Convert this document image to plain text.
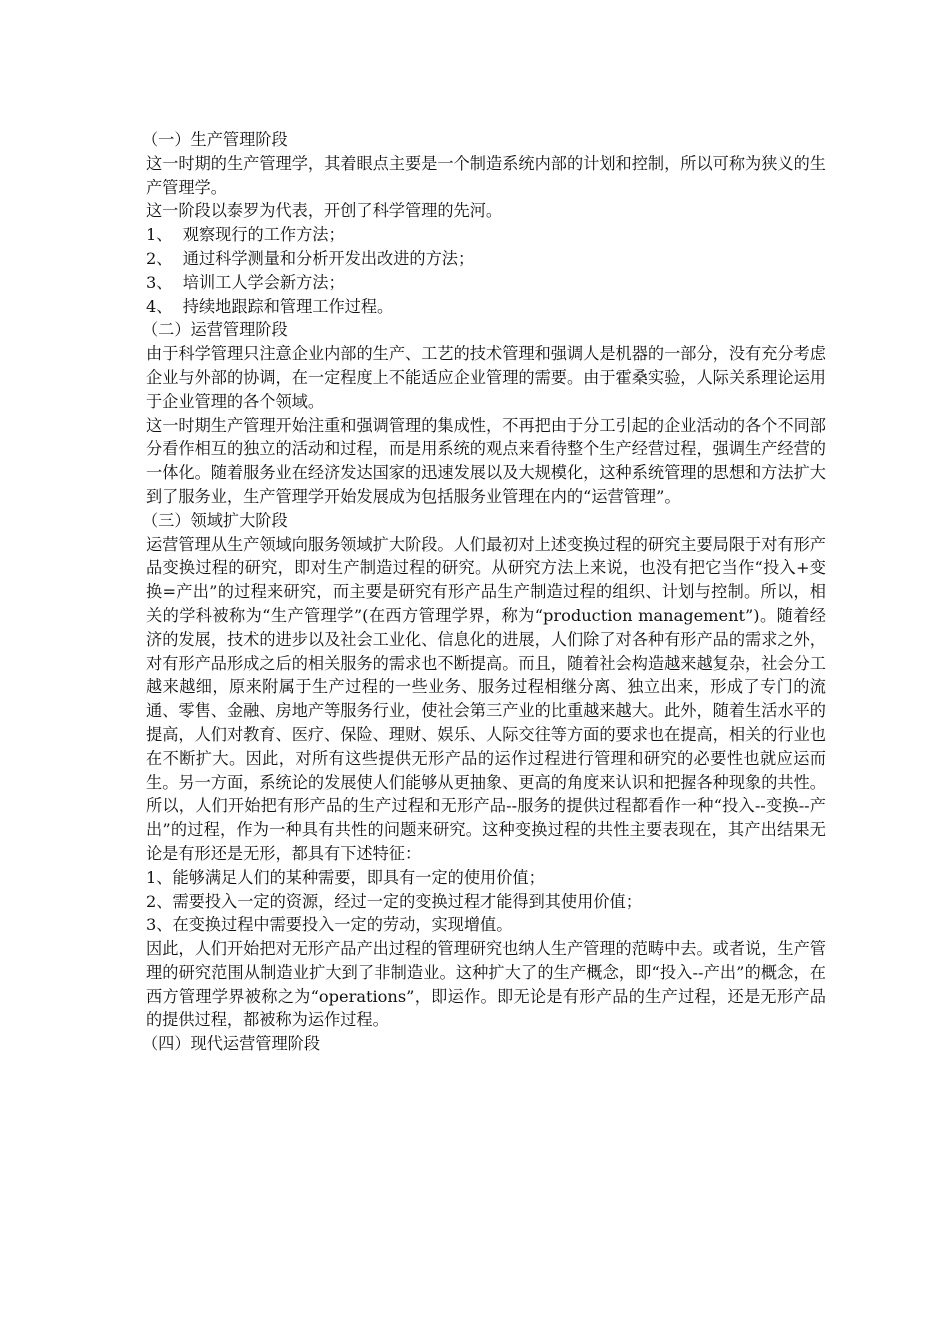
（一）生产管理阶段

这一时期的生产管理学，其着眼点主要是一个制造系统内部的计划和控制，所以可称为狭义的生产管理学。

这一阶段以泰罗为代表，开创了科学管理的先河。

1、  观察现行的工作方法；

2、  通过科学测量和分析开发出改进的方法；

3、  培训工人学会新方法；

4、  持续地跟踪和管理工作过程。

（二）运营管理阶段

由于科学管理只注意企业内部的生产、工艺的技术管理和强调人是机器的一部分，没有充分考虑企业与外部的协调，在一定程度上不能适应企业管理的需要。由于霍桑实验，人际关系理论运用于企业管理的各个领域。

这一时期生产管理开始注重和强调管理的集成性，不再把由于分工引起的企业活动的各个不同部分看作相互的独立的活动和过程，而是用系统的观点来看待整个生产经营过程，强调生产经营的一体化。随着服务业在经济发达国家的迅速发展以及大规模化，这种系统管理的思想和方法扩大到了服务业，生产管理学开始发展成为包括服务业管理在内的“运营管理”。

（三）领域扩大阶段

运营管理从生产领域向服务领域扩大阶段。人们最初对上述变换过程的研究主要局限于对有形产品变换过程的研究，即对生产制造过程的研究。从研究方法上来说，也没有把它当作“投入+变换=产出”的过程来研究，而主要是研究有形产品生产制造过程的组织、计划与控制。所以，相关的学科被称为“生产管理学”(在西方管理学界，称为“production management”)。随着经济的发展，技术的进步以及社会工业化、信息化的进展，人们除了对各种有形产品的需求之外，对有形产品形成之后的相关服务的需求也不断提高。而且，随着社会构造越来越复杂，社会分工越来越细，原来附属于生产过程的一些业务、服务过程相继分离、独立出来，形成了专门的流通、零售、金融、房地产等服务行业，使社会第三产业的比重越来越大。此外，随着生活水平的提高，人们对教育、医疗、保险、理财、娱乐、人际交往等方面的要求也在提高，相关的行业也在不断扩大。因此，对所有这些提供无形产品的运作过程进行管理和研究的必要性也就应运而生。另一方面，系统论的发展使人们能够从更抽象、更高的角度来认识和把握各种现象的共性。所以，人们开始把有形产品的生产过程和无形产品--服务的提供过程都看作一种“投入--变换--产出”的过程，作为一种具有共性的问题来研究。这种变换过程的共性主要表现在，其产出结果无论是有形还是无形，都具有下述特征：

1、能够满足人们的某种需要，即具有一定的使用价值；

2、需要投入一定的资源，经过一定的变换过程才能得到其使用价值；

3、在变换过程中需要投入一定的劳动，实现增值。

因此，人们开始把对无形产品产出过程的管理研究也纳人生产管理的范畴中去。或者说，生产管理的研究范围从制造业扩大到了非制造业。这种扩大了的生产概念，即“投入--产出”的概念，在西方管理学界被称之为“operations”，即运作。即无论是有形产品的生产过程，还是无形产品的提供过程，都被称为运作过程。

（四）现代运营管理阶段
